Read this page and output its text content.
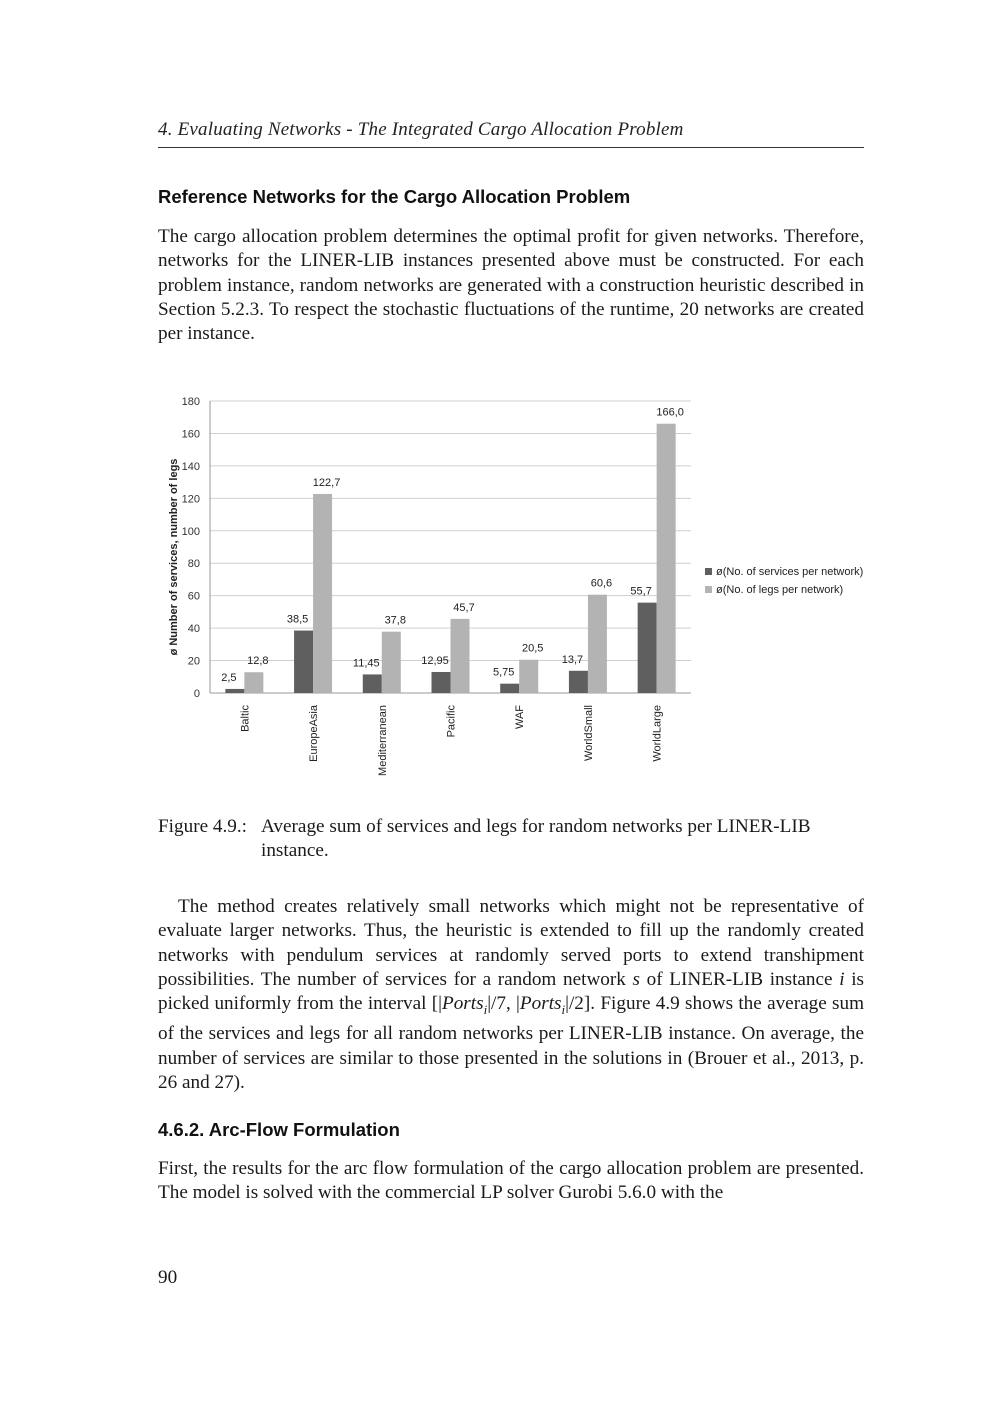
4. Evaluating Networks - The Integrated Cargo Allocation Problem
Reference Networks for the Cargo Allocation Problem
The cargo allocation problem determines the optimal profit for given networks. Therefore, networks for the LINER-LIB instances presented above must be constructed. For each problem instance, random networks are generated with a construction heuristic described in Section 5.2.3. To respect the stochastic fluctuations of the runtime, 20 networks are created per instance.
0
20
40
60
80
100
120
140
160
180
ø Number of services, number of legs
2,5
12,8
Baltic
38,5
122,7
EuropeAsia
11,45
37,8
Mediterranean
12,95
45,7
Pacific
5,75
20,5
WAF
13,7
60,6
WorldSmall
55,7
166,0
WorldLarge
ø(No. of services per network)
ø(No. of legs per network)
Figure 4.9.: Average sum of services and legs for random networks per LINER-LIB instance.
The method creates relatively small networks which might not be representative of evaluate larger networks. Thus, the heuristic is extended to fill up the randomly created networks with pendulum services at randomly served ports to extend transhipment possibilities. The number of services for a random network s of LINER-LIB instance i is picked uniformly from the interval [|Ports$_i$|/7, |Ports$_i$|/2]. Figure 4.9 shows the average sum of the services and legs for all random networks per LINER-LIB instance. On average, the number of services are similar to those presented in the solutions in (Brouer et al., 2013, p. 26 and 27).
4.6.2. Arc-Flow Formulation
First, the results for the arc flow formulation of the cargo allocation problem are presented. The model is solved with the commercial LP solver Gurobi 5.6.0 with the
90
